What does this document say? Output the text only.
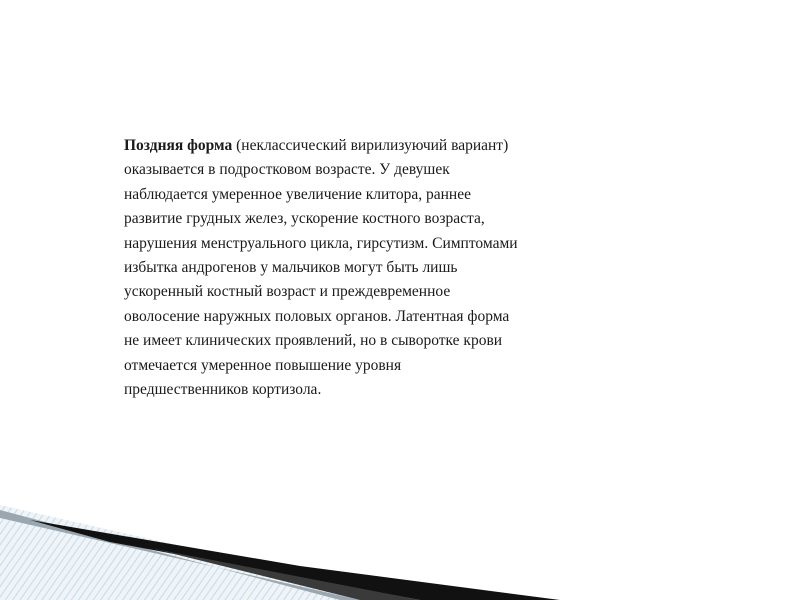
Поздняя форма (неклассический вирилизуючий вариант)
оказывается в подростковом возрасте. У девушек
наблюдается умеренное увеличение клитора, раннее
развитие грудных желез, ускорение костного возраста,
нарушения менструального цикла, гирсутизм. Симптомами
избытка андрогенов у мальчиков могут быть лишь
ускоренный костный возраст и преждевременное
оволосение наружных половых органов. Латентная форма
не имеет клинических проявлений, но в сыворотке крови
отмечается умеренное повышение уровня
предшественников кортизола.
